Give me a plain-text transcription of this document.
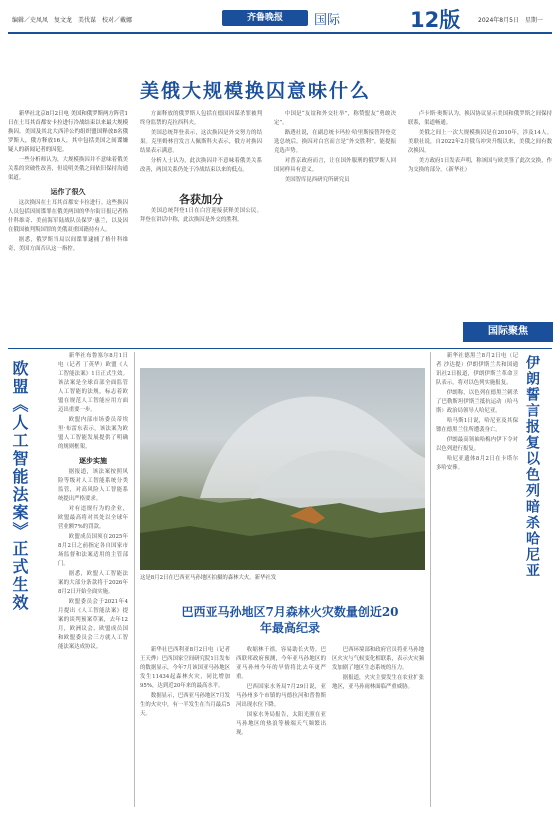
编辑／史凤凤　复文龙　美伐谋　校对／戴娜	齐鲁晚报	国际	12版	2024年8月5日　星期一
美俄大规模换囚意味什么

新华社北京8月2日电 美国和俄罗斯两方阵营1日在土耳其首都安卡拉进行冷战结束以来最大规模换囚。美国及其北大西洋公约组织盟国释放8名俄罗斯人，俄方释放16人，其中包括美国之间谍嫌疑人的新闻记者的囚犯。

一些分析师认为，大规模换囚并不意味着俄美关系的突破性改善，但说明美俄之间依旧保持沟通渠道。

运作了很久

这次换囚在土耳其首都安卡拉进行。这些换囚人员包括因间谍罪在俄美两国的华尔街日报记者格什科维奇、美前海军陆战队员保罗·惠兰，以及因在俄国被判叛国罪的美俄双重国籍持有人。

据悉，俄罗斯当局以间谍罪逮捕了格什科维奇，美国方面否认这一指控。

方面释放的俄罗斯人包括在德国因谋杀罪被判终身监禁的克拉西科夫。

美国总统拜登表示，这次换囚是外交努力的结果。克里姆林宫发言人佩斯科夫表示，俄方对换囚结果表示满意。

分析人士认为，此次换囚并不意味着俄美关系改善，两国关系仍处于冷战结束以来的低点。

各获加分

美国总统拜登1日在白宫迎接获释美国公民。拜登在讲话中称，此次换囚是外交的胜利。

中国是“友谊和外交壮举”，称赞盟友“勇敢决定”。

路透社说，在副总统卡玛拉·哈里斯接替拜登竞选总统后，换囚对白宫而言是“外交胜利”，能提振竞选声势。

对普京政府而言，让在国外服刑的俄罗斯人回国同样具有意义。

美国智库昆西研究所研究员

卢卡斯·奥斯认为，换囚协议显示美国和俄罗斯之间保持联系，渠道畅通。

美俄之间上一次大规模换囚是在2010年，涉及14人。美联社说，自2022年2月俄乌冲突升级以来，美俄之间有数次换囚。

美方政府1日发表声明，称该国与欧美签了此次交换，作为交换的部分。（新华社）

国际聚焦
欧盟《人工智能法案》正式生效

新华社布鲁塞尔8月1日电（记者 丁英华）欧盟《人工智能法案》1日正式生效。该法案是全球首部全面监管人工智能的法规，标志着欧盟在规范人工智能应用方面迈出重要一步。

欧盟内部市场委员蒂埃里·布雷东表示，该法案为欧盟人工智能发展提供了明确的规则框架。

逐步实施

据报道，该法案按照风险等级对人工智能系统分类监管，对高风险人工智能系统提出严格要求。

对有违规行为的企业，欧盟最高将对其处以全球年营业额7%的罚款。

欧盟成员国须在2025年8月2日之前指定各自国家市场监督和法案适用的主管部门。

据悉，欧盟人工智能法案的大部分条款将于2026年8月2日开始全面实施。

欧盟委员会于2021年4月提出《人工智能法案》提案的谈判预案草案，去年12月，欧洲议会、欧盟成员国和欧盟委员会三方就人工智能法案达成协议。

这是8月2日在巴西亚马孙地区拍摄的森林大火。新华社发
巴西亚马孙地区7月森林火灾数量创近20年最高纪录

新华社巴西利亚8月2日电（记者 王天烨）巴西国家空间研究院1日发布的数据显示，今年7月该国亚马孙地区发生11434起森林火灾，同比增加95%，达到近20年来的最高水平。

数据显示，巴西亚马孙地区7月发生的火灾中，有一半发生在当月最后5天。

收缩林千禧，容易助长火势。巴西联邦政府预测，今年亚马孙地区的亚马孙州今年的旱情将比去年更严重。

巴西国家水务局7月29日说，亚马孙州多个市镇的马德拉河和普鲁斯河出现水位下降。

国家水务局报告，太阳光照在亚马孙地区的热浪等极端天气频繁出现。

巴西环境部和政府官员将亚马孙地区火灾与气候变化相联系，表示火灾频发加剧了地区生态系统的压力。

据报道，火灾主要发生在农业扩张地区，亚马孙雨林面临严重威胁。

新华社德黑兰8月2日电（记者 沙达提）伊朗伊斯兰共和国通讯社2日报道，伊朗伊斯兰革命卫队表示，将对以色列实施报复。

伊朗称，以色列在德黑兰刺杀了巴勒斯坦伊斯兰抵抗运动（哈马斯）政治局领导人哈尼亚。

哈马斯1日说，哈尼亚及其保镖在德黑兰住所遭袭身亡。

伊朗最高领袖哈梅内伊下令对以色列进行报复。

哈尼亚遗体8月2日在卡塔尔多哈安葬。	伊朗誓言报复以色列暗杀哈尼亚
